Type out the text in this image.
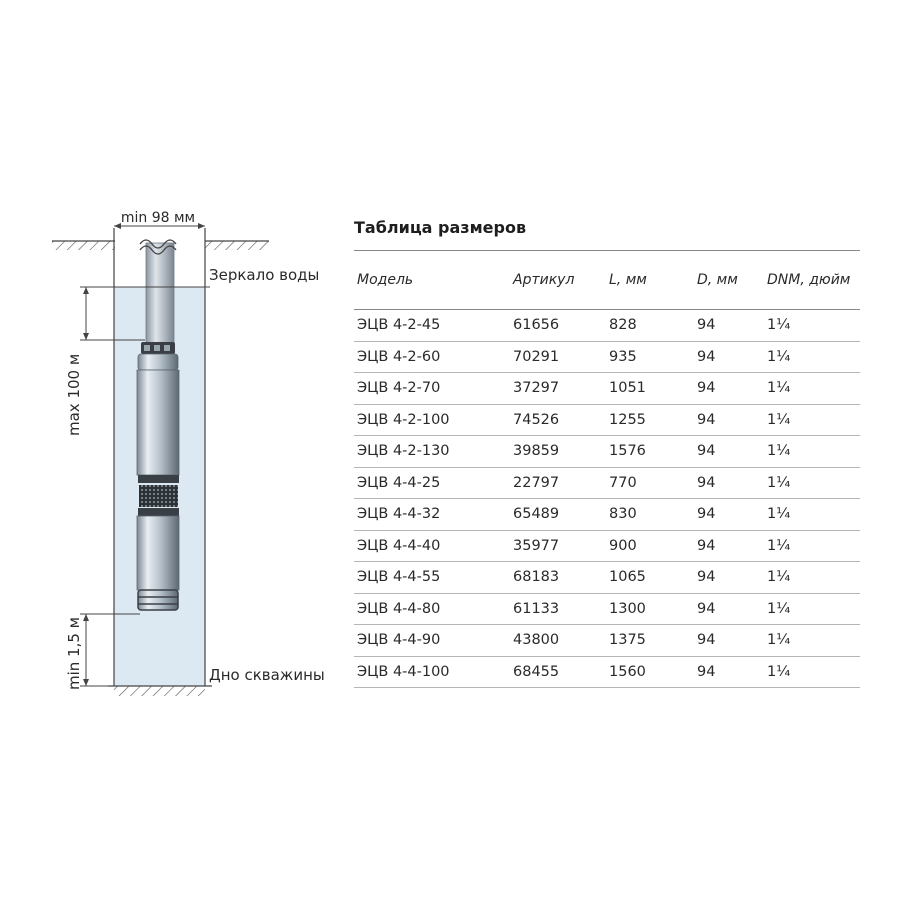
min 98 мм
Зеркало воды
max 100 м
min 1,5 м	Дно скважины
Таблица размеров
Модель	Артикул	L, мм	D, мм	DNM, дюйм
ЭЦВ 4-2-45	61656	828	94	1¼
ЭЦВ 4-2-60	70291	935	94	1¼
ЭЦВ 4-2-70	37297	1051	94	1¼
ЭЦВ 4-2-100	74526	1255	94	1¼
ЭЦВ 4-2-130	39859	1576	94	1¼
ЭЦВ 4-4-25	22797	770	94	1¼
ЭЦВ 4-4-32	65489	830	94	1¼
ЭЦВ 4-4-40	35977	900	94	1¼
ЭЦВ 4-4-55	68183	1065	94	1¼
ЭЦВ 4-4-80	61133	1300	94	1¼
ЭЦВ 4-4-90	43800	1375	94	1¼
ЭЦВ 4-4-100	68455	1560	94	1¼
